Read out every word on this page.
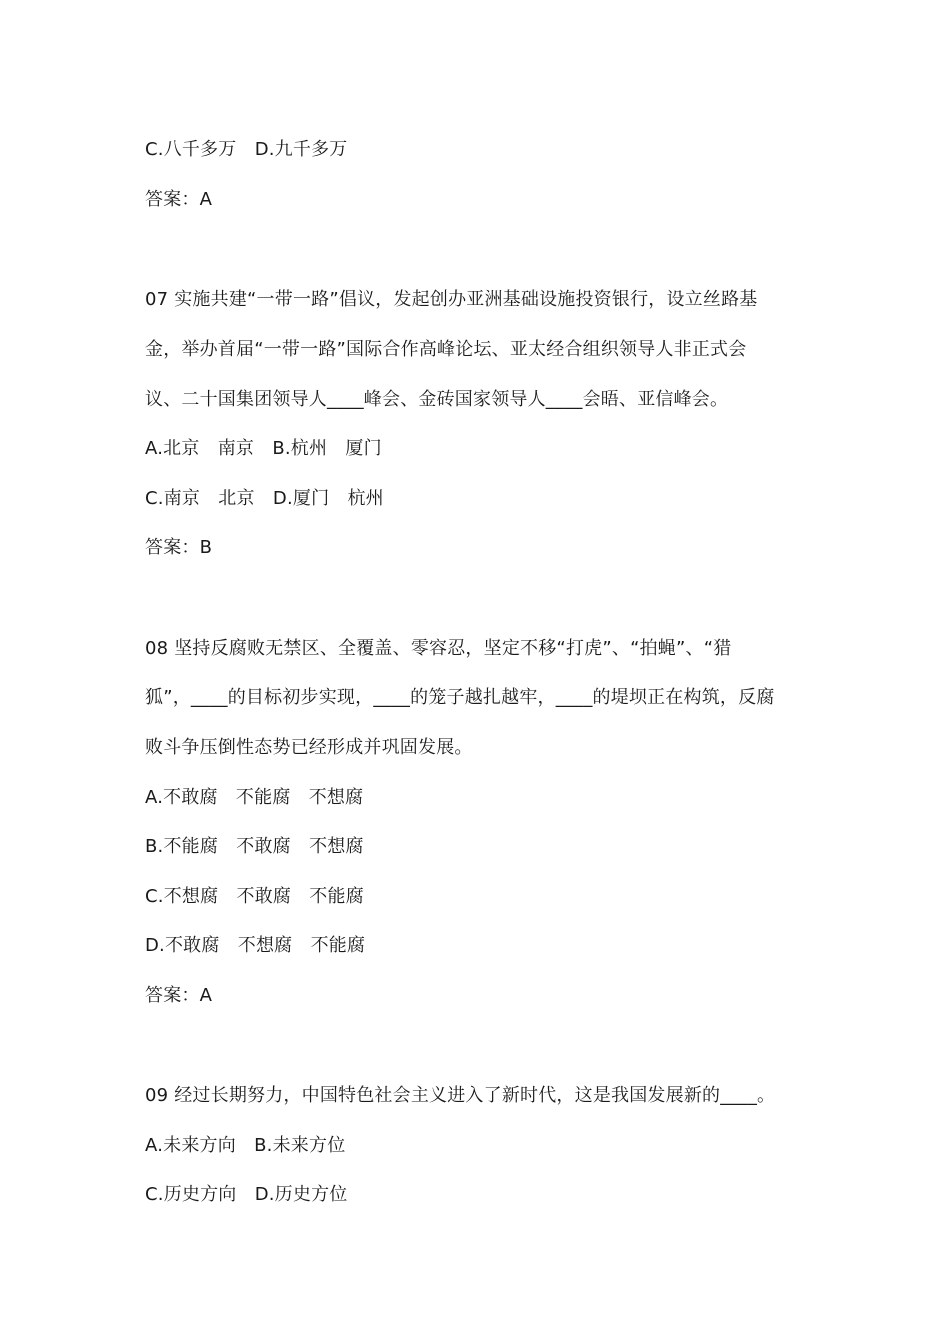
C.八千多万　D.九千多万
答案：A
07 实施共建“一带一路”倡议，发起创办亚洲基础设施投资银行，设立丝路基
金，举办首届“一带一路”国际合作高峰论坛、亚太经合组织领导人非正式会
议、二十国集团领导人____峰会、金砖国家领导人____会晤、亚信峰会。
A.北京　南京　B.杭州　厦门
C.南京　北京　D.厦门　杭州
答案：B
08 坚持反腐败无禁区、全覆盖、零容忍，坚定不移“打虎”、“拍蝇”、“猎
狐”，____的目标初步实现，____的笼子越扎越牢，____的堤坝正在构筑，反腐
败斗争压倒性态势已经形成并巩固发展。
A.不敢腐　不能腐　不想腐
B.不能腐　不敢腐　不想腐
C.不想腐　不敢腐　不能腐
D.不敢腐　不想腐　不能腐
答案：A
09 经过长期努力，中国特色社会主义进入了新时代，这是我国发展新的____。
A.未来方向　B.未来方位
C.历史方向　D.历史方位
